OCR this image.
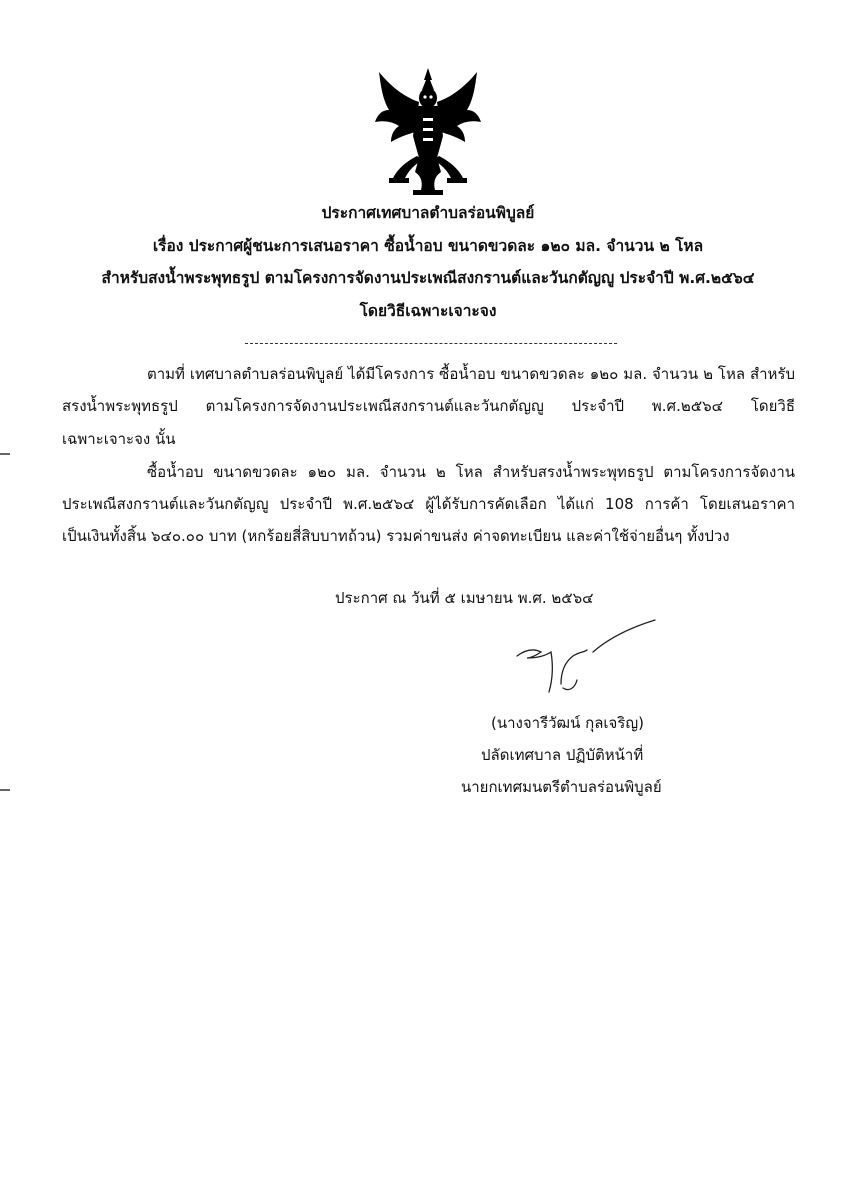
ประกาศเทศบาลตำบลร่อนพิบูลย์
เรื่อง ประกาศผู้ชนะการเสนอราคา ซื้อน้ำอบ ขนาดขวดละ ๑๒๐ มล. จำนวน ๒ โหล
สำหรับสงน้ำพระพุทธรูป ตามโครงการจัดงานประเพณีสงกรานต์และวันกตัญญู ประจำปี พ.ศ.๒๕๖๔
โดยวิธีเฉพาะเจาะจง
ตามที่ เทศบาลตำบลร่อนพิบูลย์ ได้มีโครงการ ซื้อน้ำอบ ขนาดขวดละ ๑๒๐ มล. จำนวน ๒ โหล สำหรับ
สรงน้ำพระพุทธรูป ตามโครงการจัดงานประเพณีสงกรานต์และวันกตัญญู ประจำปี พ.ศ.๒๕๖๔ โดยวิธี
เฉพาะเจาะจง นั้น
ซื้อน้ำอบ ขนาดขวดละ ๑๒๐ มล. จำนวน ๒ โหล สำหรับสรงน้ำพระพุทธรูป ตามโครงการจัดงาน
ประเพณีสงกรานต์และวันกตัญญู ประจำปี พ.ศ.๒๕๖๔ ผู้ได้รับการคัดเลือก ได้แก่ 108 การค้า โดยเสนอราคา
เป็นเงินทั้งสิ้น ๖๔๐.๐๐ บาท (หกร้อยสี่สิบบาทถ้วน) รวมค่าขนส่ง ค่าจดทะเบียน และค่าใช้จ่ายอื่นๆ ทั้งปวง
ประกาศ ณ วันที่ ๕ เมษายน พ.ศ. ๒๕๖๔
(นางจารีวัฒน์ กุลเจริญ)
ปลัดเทศบาล ปฏิบัติหน้าที่
นายกเทศมนตรีตำบลร่อนพิบูลย์
